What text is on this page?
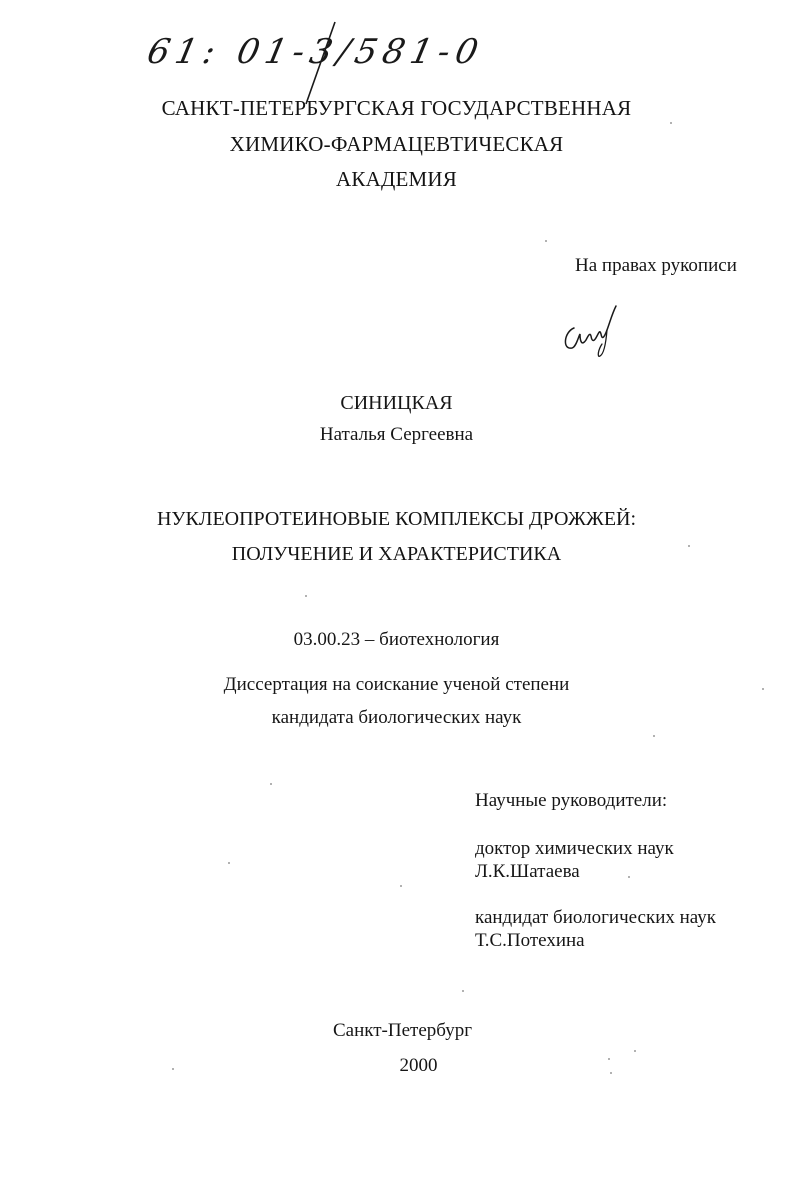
61: 01-3/581-0
САНКТ-ПЕТЕРБУРГСКАЯ ГОСУДАРСТВЕННАЯ
ХИМИКО-ФАРМАЦЕВТИЧЕСКАЯ
АКАДЕМИЯ
На правах рукописи
СИНИЦКАЯ
Наталья Сергеевна
НУКЛЕОПРОТЕИНОВЫЕ КОМПЛЕКСЫ ДРОЖЖЕЙ:
ПОЛУЧЕНИЕ И ХАРАКТЕРИСТИКА
03.00.23 – биотехнология
Диссертация на соискание ученой степени
кандидата биологических наук
Научные руководители:
доктор химических наук
Л.К.Шатаева
кандидат биологических наук
Т.С.Потехина
Санкт-Петербург
2000
